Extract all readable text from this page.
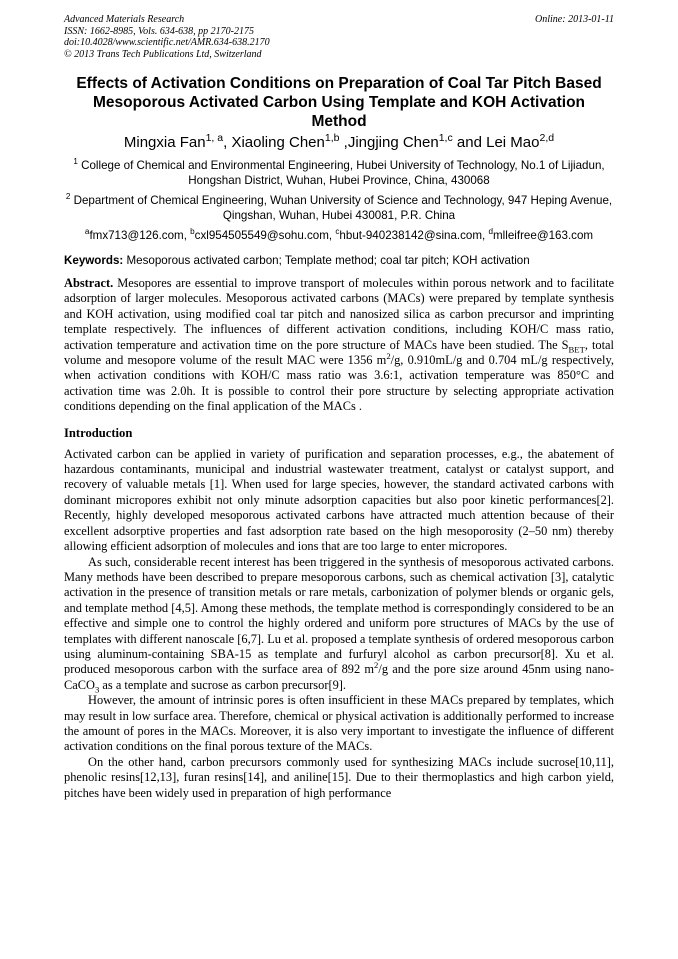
Advanced Materials Research
ISSN: 1662-8985, Vols. 634-638, pp 2170-2175
doi:10.4028/www.scientific.net/AMR.634-638.2170
© 2013 Trans Tech Publications Ltd, Switzerland
Online: 2013-01-11
Effects of Activation Conditions on Preparation of Coal Tar Pitch Based Mesoporous Activated Carbon Using Template and KOH Activation Method
Mingxia Fan$^{1, a}$, Xiaoling Chen$^{1,b}$ ,Jingjing Chen$^{1,c}$ and Lei Mao$^{2,d}$
$^1$ College of Chemical and Environmental Engineering, Hubei University of Technology, No.1 of Lijiadun, Hongshan District, Wuhan, Hubei Province, China, 430068
$^2$ Department of Chemical Engineering, Wuhan University of Science and Technology, 947 Heping Avenue, Qingshan, Wuhan, Hubei 430081, P.R. China
$^a$fmx713@126.com, $^b$cxl954505549@sohu.com, $^c$hbut-940238142@sina.com, $^d$mlleifree@163.com
Keywords: Mesoporous activated carbon; Template method; coal tar pitch; KOH activation

Abstract. Mesopores are essential to improve transport of molecules within porous network and to facilitate adsorption of larger molecules. Mesoporous activated carbons (MACs) were prepared by template synthesis and KOH activation, using modified coal tar pitch and nanosized silica as carbon precursor and imprinting template respectively. The influences of different activation conditions, including KOH/C mass ratio, activation temperature and activation time on the pore structure of MACs have been studied. The $S_{BET}$, total volume and mesopore volume of the result MAC were 1356 $m^2/g$, 0.910mL/g and 0.704 mL/g respectively, when activation conditions with KOH/C mass ratio was 3.6:1, activation temperature was 850°C and activation time was 2.0h. It is possible to control their pore structure by selecting appropriate activation conditions depending on the final application of the MACs .

Introduction

Activated carbon can be applied in variety of purification and separation processes, e.g., the abatement of hazardous contaminants, municipal and industrial wastewater treatment, catalyst or catalyst support, and recovery of valuable metals [1]. When used for large species, however, the standard activated carbons with dominant micropores exhibit not only minute adsorption capacities but also poor kinetic performances[2]. Recently, highly developed mesoporous activated carbons have attracted much attention because of their excellent adsorptive properties and fast adsorption rate based on the high mesoporosity (2–50 nm) thereby allowing efficient adsorption of molecules and ions that are too large to enter micropores.

As such, considerable recent interest has been triggered in the synthesis of mesoporous activated carbons. Many methods have been described to prepare mesoporous carbons, such as chemical activation [3], catalytic activation in the presence of transition metals or rare metals, carbonization of polymer blends or organic gels, and template method [4,5]. Among these methods, the template method is correspondingly considered to be an effective and simple one to control the highly ordered and uniform pore structures of MACs by the use of templates with different nanoscale [6,7]. Lu et al. proposed a template synthesis of ordered mesoporous carbon using aluminum-containing SBA-15 as template and furfuryl alcohol as carbon precursor[8]. Xu et al. produced mesoporous carbon with the surface area of 892 $m^2/g$ and the pore size around 45nm using nano-CaCO$_3$ as a template and sucrose as carbon precursor[9].

However, the amount of intrinsic pores is often insufficient in these MACs prepared by templates, which may result in low surface area. Therefore, chemical or physical activation is additionally performed to increase the amount of pores in the MACs. Moreover, it is also very important to investigate the influence of different activation conditions on the final porous texture of the MACs.

On the other hand, carbon precursors commonly used for synthesizing MACs include sucrose[10,11], phenolic resins[12,13], furan resins[14], and aniline[15]. Due to their thermoplastics and high carbon yield, pitches have been widely used in preparation of high performance
